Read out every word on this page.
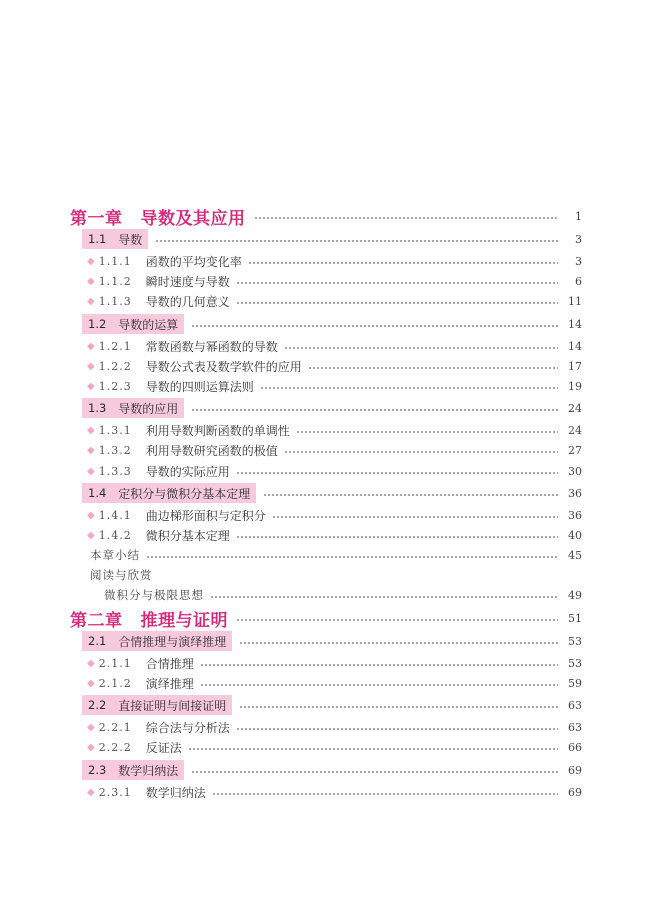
第一章 导数及其应用	1
1.1 导数	3
◆ 1.1.1 函数的平均变化率	3
◆ 1.1.2 瞬时速度与导数	6
◆ 1.1.3 导数的几何意义	11
1.2 导数的运算	14
◆ 1.2.1 常数函数与幂函数的导数	14
◆ 1.2.2 导数公式表及数学软件的应用	17
◆ 1.2.3 导数的四则运算法则	19
1.3 导数的应用	24
◆ 1.3.1 利用导数判断函数的单调性	24
◆ 1.3.2 利用导数研究函数的极值	27
◆ 1.3.3 导数的实际应用	30
1.4 定积分与微积分基本定理	36
◆ 1.4.1 曲边梯形面积与定积分	36
◆ 1.4.2 微积分基本定理	40
本章小结	45
阅读与欣赏
微积分与极限思想	49
第二章 推理与证明	51
2.1 合情推理与演绎推理	53
◆ 2.1.1 合情推理	53
◆ 2.1.2 演绎推理	59
2.2 直接证明与间接证明	63
◆ 2.2.1 综合法与分析法	63
◆ 2.2.2 反证法	66
2.3 数学归纳法	69
◆ 2.3.1 数学归纳法	69
